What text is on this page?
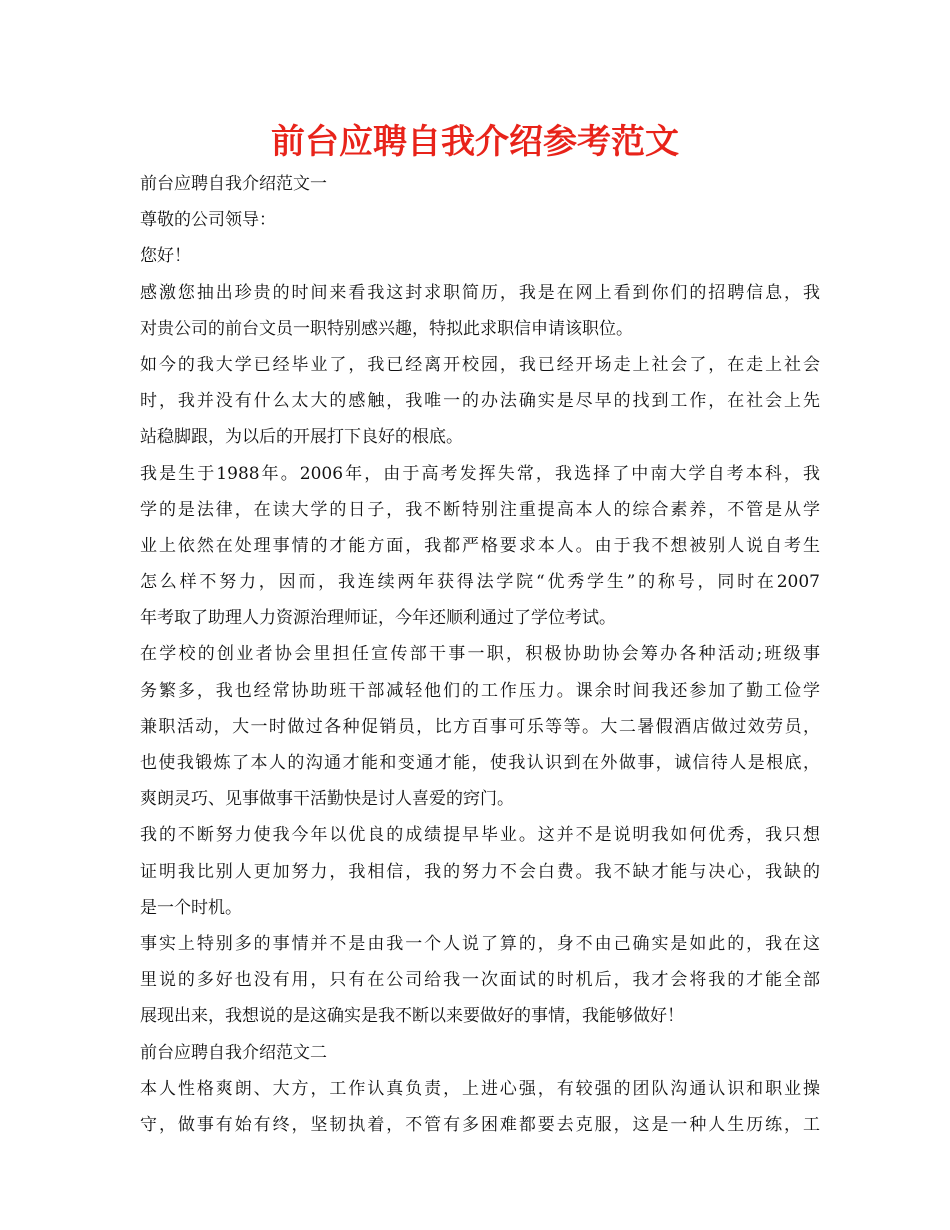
前台应聘自我介绍参考范文
前台应聘自我介绍范文一
尊敬的公司领导：
您好！
感激您抽出珍贵的时间来看我这封求职简历，我是在网上看到你们的招聘信息，我
对贵公司的前台文员一职特别感兴趣，特拟此求职信申请该职位。
如今的我大学已经毕业了，我已经离开校园，我已经开场走上社会了，在走上社会
时，我并没有什么太大的感触，我唯一的办法确实是尽早的找到工作，在社会上先
站稳脚跟，为以后的开展打下良好的根底。
我是生于1988年。2006年，由于高考发挥失常，我选择了中南大学自考本科，我
学的是法律，在读大学的日子，我不断特别注重提高本人的综合素养，不管是从学
业上依然在处理事情的才能方面，我都严格要求本人。由于我不想被别人说自考生
怎么样不努力，因而，我连续两年获得法学院“优秀学生”的称号，同时在2007
年考取了助理人力资源治理师证，今年还顺利通过了学位考试。
在学校的创业者协会里担任宣传部干事一职，积极协助协会筹办各种活动;班级事
务繁多，我也经常协助班干部减轻他们的工作压力。课余时间我还参加了勤工俭学
兼职活动，大一时做过各种促销员，比方百事可乐等等。大二暑假酒店做过效劳员，
也使我锻炼了本人的沟通才能和变通才能，使我认识到在外做事，诚信待人是根底，
爽朗灵巧、见事做事干活勤快是讨人喜爱的窍门。
我的不断努力使我今年以优良的成绩提早毕业。这并不是说明我如何优秀，我只想
证明我比别人更加努力，我相信，我的努力不会白费。我不缺才能与决心，我缺的
是一个时机。
事实上特别多的事情并不是由我一个人说了算的，身不由己确实是如此的，我在这
里说的多好也没有用，只有在公司给我一次面试的时机后，我才会将我的才能全部
展现出来，我想说的是这确实是我不断以来要做好的事情，我能够做好！
前台应聘自我介绍范文二
本人性格爽朗、大方，工作认真负责，上进心强，有较强的团队沟通认识和职业操
守，做事有始有终，坚韧执着，不管有多困难都要去克服，这是一种人生历练，工
